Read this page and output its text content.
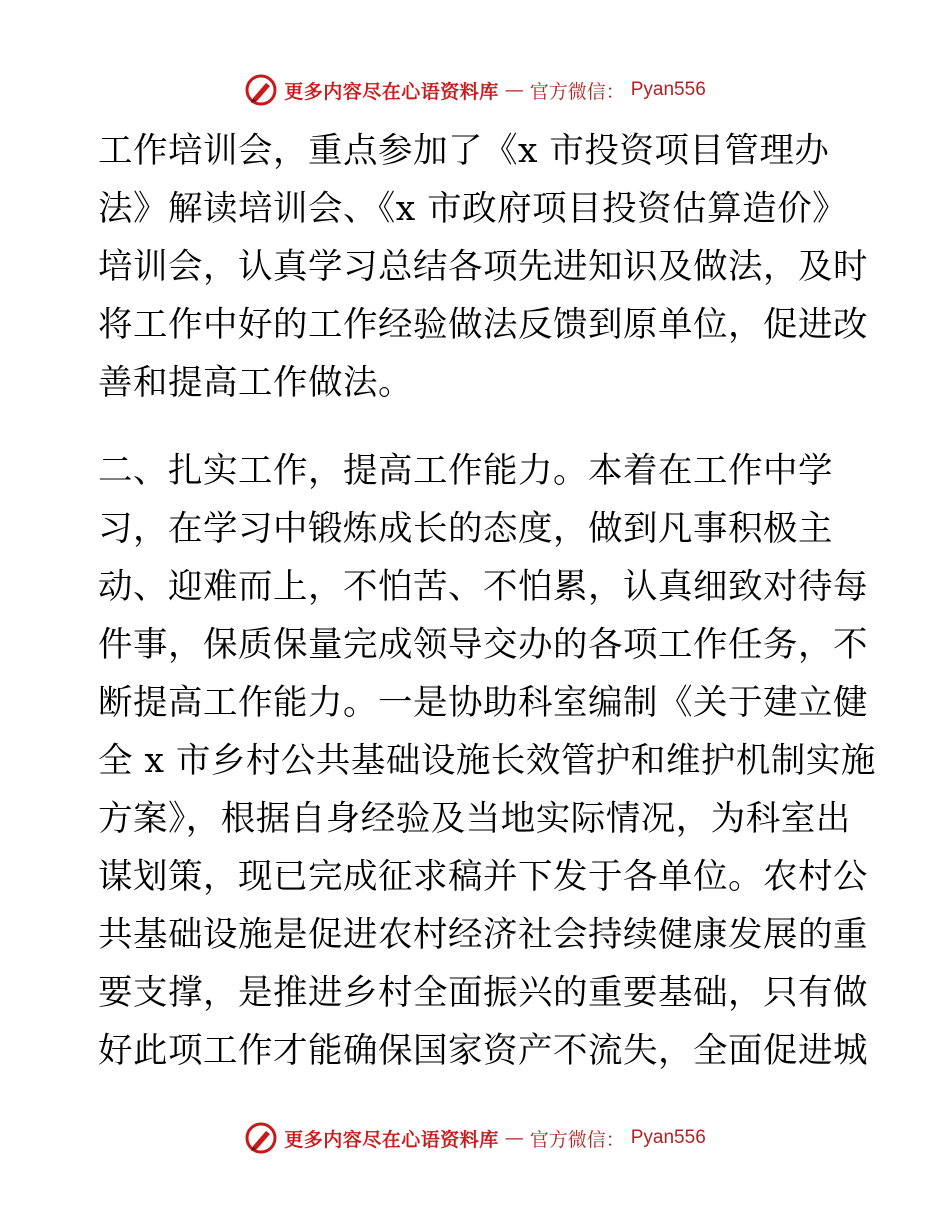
更多内容尽在心语资料库 — 官方微信： Pyan556
工作培训会，重点参加了《x 市投资项目管理办
法》解读培训会、《x 市政府项目投资估算造价》
培训会，认真学习总结各项先进知识及做法，及时
将工作中好的工作经验做法反馈到原单位，促进改
善和提高工作做法。
二、扎实工作，提高工作能力。本着在工作中学
习，在学习中锻炼成长的态度，做到凡事积极主
动、迎难而上，不怕苦、不怕累，认真细致对待每
件事，保质保量完成领导交办的各项工作任务，不
断提高工作能力。一是协助科室编制《关于建立健
全 x 市乡村公共基础设施长效管护和维护机制实施
方案》，根据自身经验及当地实际情况，为科室出
谋划策，现已完成征求稿并下发于各单位。农村公
共基础设施是促进农村经济社会持续健康发展的重
要支撑，是推进乡村全面振兴的重要基础，只有做
好此项工作才能确保国家资产不流失，全面促进城
更多内容尽在心语资料库 — 官方微信： Pyan556
